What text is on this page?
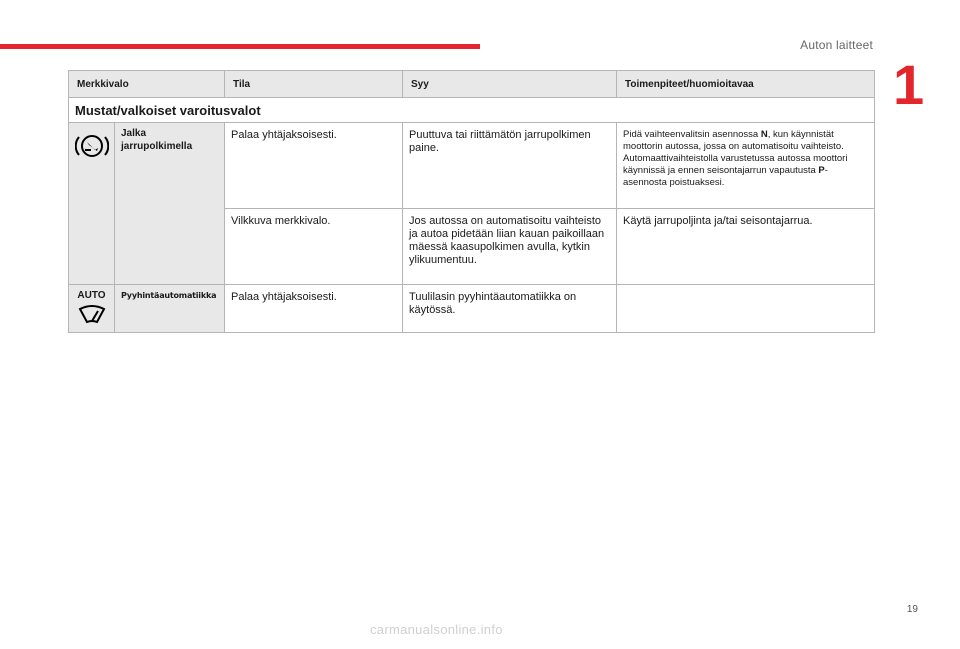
Auton laitteet
1
Merkkivalo		Tila	Syy	Toimenpiteet/huomioitavaa
Mustat/valkoiset varoitusvalot				

	Jalka jarrupolkimella	Palaa yhtäjaksoisesti.	Puuttuva tai riittämätön jarrupolkimen paine.	Pidä vaihteenvalitsin asennossa N, kun käynnistät moottorin autossa, jossa on automatisoitu vaihteisto. Automaattivaihteistolla varustetussa autossa moottori käynnissä ja ennen seisontajarrun vapautusta P-asennosta poistuaksesi.
		Vilkkuva merkkivalo.	Jos autossa on automatisoitu vaihteisto ja autoa pidetään liian kauan paikoillaan mäessä kaasupolkimen avulla, kytkin ylikuumentuu.	Käytä jarrupoljinta ja/tai seisontajarrua.

AUTO	Pyyhintäautomatiikka	Palaa yhtäjaksoisesti.	Tuulilasin pyyhintäautomatiikka on käytössä.	
19
carmanualsonline.info
